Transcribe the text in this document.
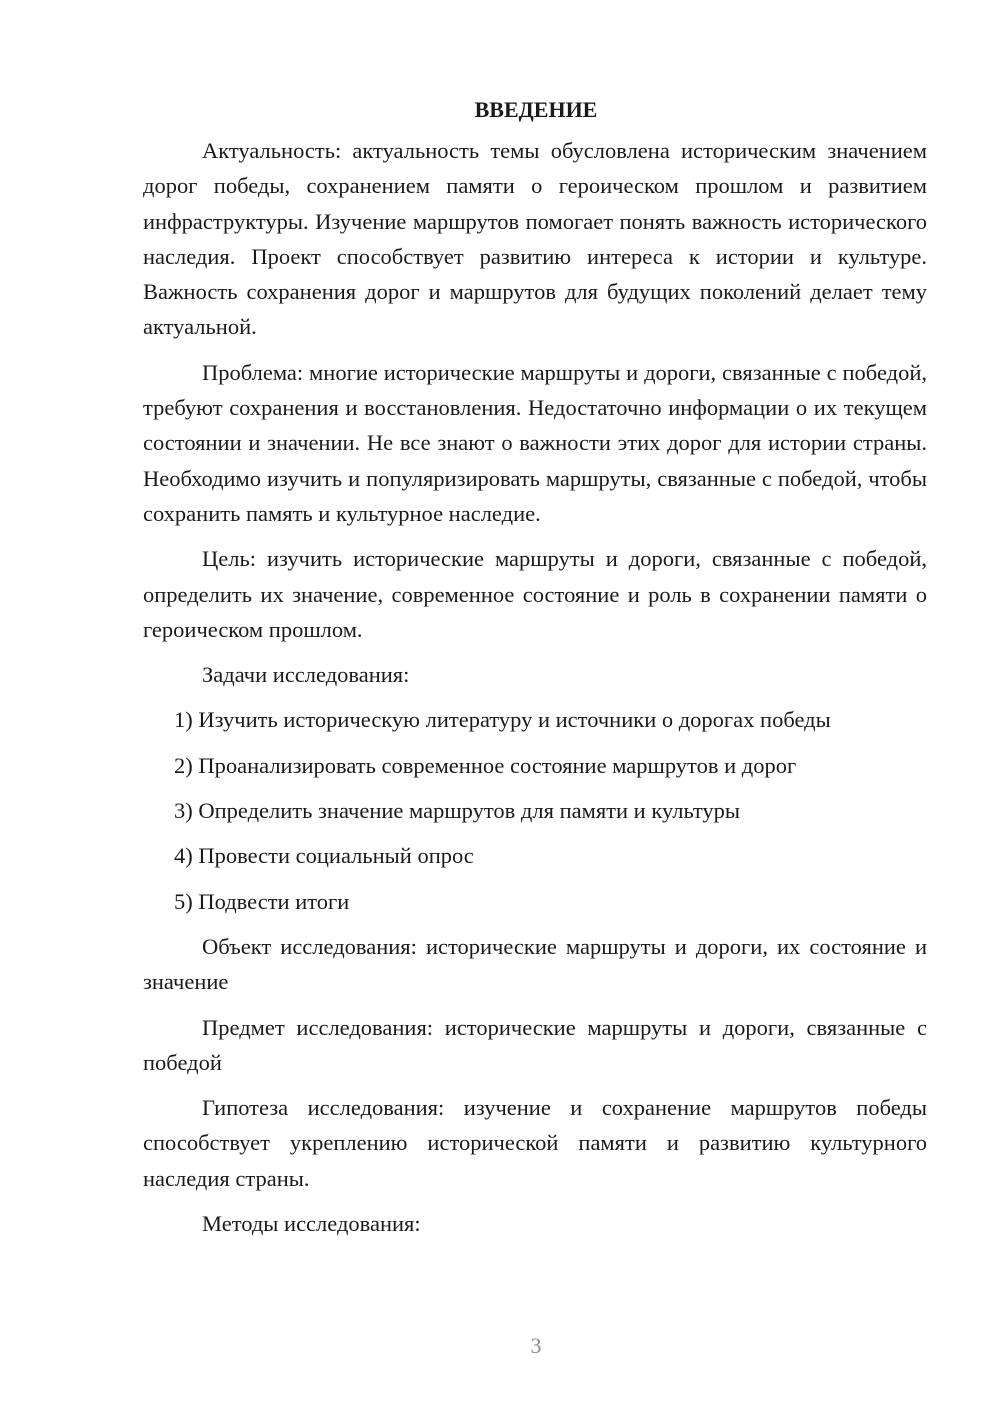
ВВЕДЕНИЕ

Актуальность: актуальность темы обусловлена историческим значением дорог победы, сохранением памяти о героическом прошлом и развитием инфраструктуры. Изучение маршрутов помогает понять важность исторического наследия. Проект способствует развитию интереса к истории и культуре. Важность сохранения дорог и маршрутов для будущих поколений делает тему актуальной.

Проблема: многие исторические маршруты и дороги, связанные с победой, требуют сохранения и восстановления. Недостаточно информации о их текущем состоянии и значении. Не все знают о важности этих дорог для истории страны. Необходимо изучить и популяризировать маршруты, связанные с победой, чтобы сохранить память и культурное наследие.

Цель: изучить исторические маршруты и дороги, связанные с победой, определить их значение, современное состояние и роль в сохранении памяти о героическом прошлом.

Задачи исследования:

1) Изучить историческую литературу и источники о дорогах победы
2) Проанализировать современное состояние маршрутов и дорог
3) Определить значение маршрутов для памяти и культуры
4) Провести социальный опрос
5) Подвести итоги

Объект исследования: исторические маршруты и дороги, их состояние и значение

Предмет исследования: исторические маршруты и дороги, связанные с победой

Гипотеза исследования: изучение и сохранение маршрутов победы способствует укреплению исторической памяти и развитию культурного наследия страны.

Методы исследования:

3
